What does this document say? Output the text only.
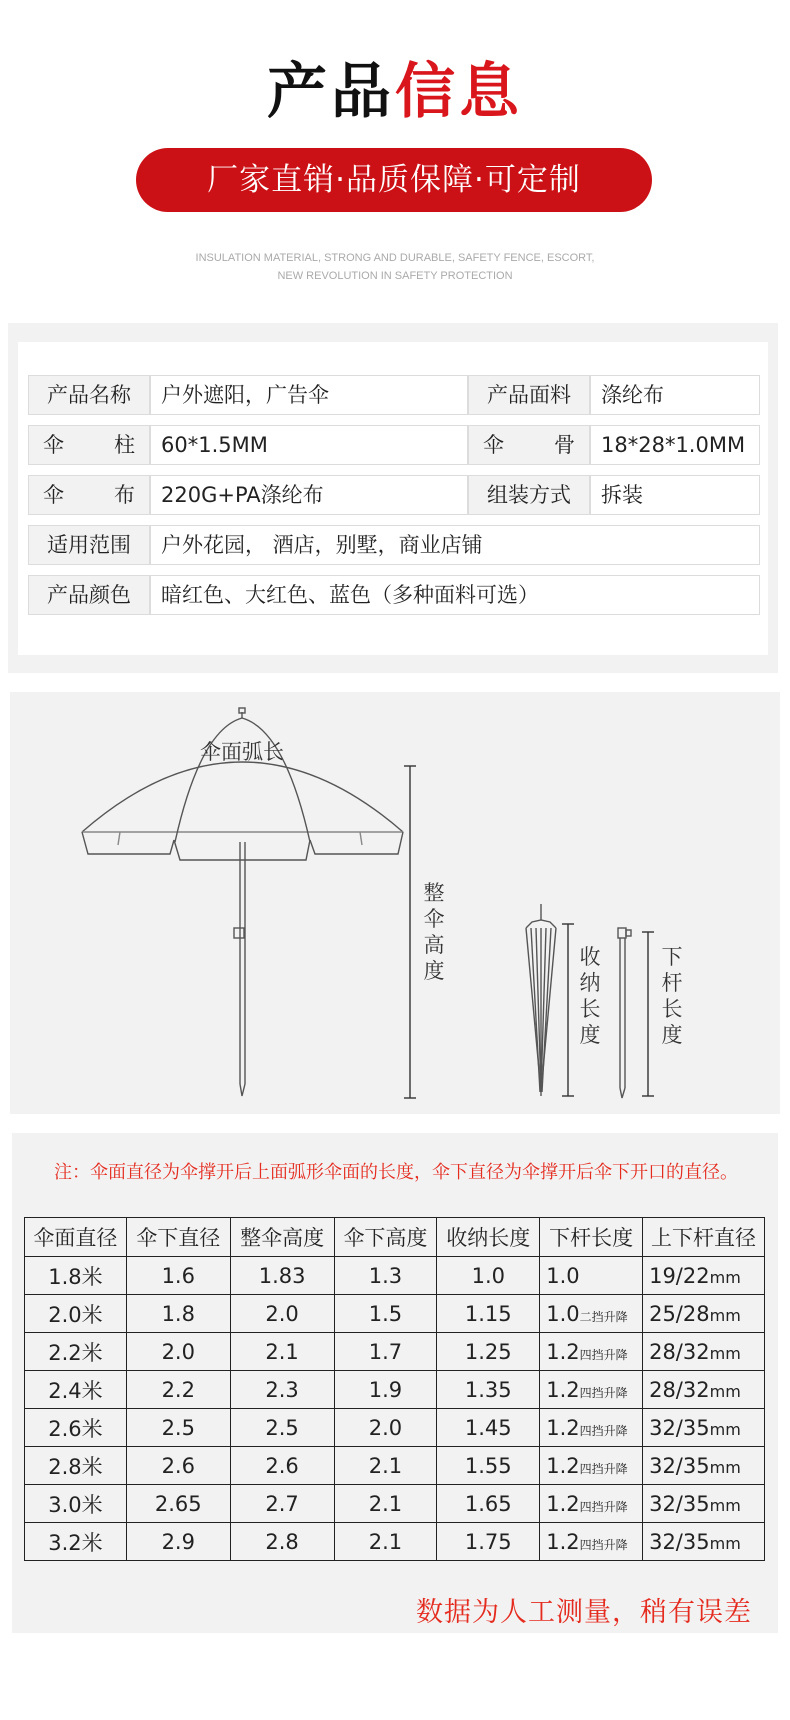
产品信息
厂家直销·品质保障·可定制
INSULATION MATERIAL, STRONG AND DURABLE, SAFETY FENCE, ESCORT,
NEW REVOLUTION IN SAFETY PROTECTION
产品名称	户外遮阳，广告伞	产品面料	涤纶布
伞柱	60*1.5MM	伞骨	18*28*1.0MM
伞布	220G+PA涤纶布	组装方式	拆装
适用范围	户外花园， 酒店，别墅，商业店铺
产品颜色	暗红色、大红色、蓝色（多种面料可选）
伞面弧长
整伞高度
收纳长度
下杆长度
注：伞面直径为伞撑开后上面弧形伞面的长度，伞下直径为伞撑开后伞下开口的直径。
伞面直径	伞下直径	整伞高度	伞下高度	收纳长度	下杆长度	上下杆直径
1.8米	1.6	1.83	1.3	1.0	1.0	19/22mm
2.0米	1.8	2.0	1.5	1.15	1.0二挡升降	25/28mm
2.2米	2.0	2.1	1.7	1.25	1.2四挡升降	28/32mm
2.4米	2.2	2.3	1.9	1.35	1.2四挡升降	28/32mm
2.6米	2.5	2.5	2.0	1.45	1.2四挡升降	32/35mm
2.8米	2.6	2.6	2.1	1.55	1.2四挡升降	32/35mm
3.0米	2.65	2.7	2.1	1.65	1.2四挡升降	32/35mm
3.2米	2.9	2.8	2.1	1.75	1.2四挡升降	32/35mm
数据为人工测量，稍有误差
